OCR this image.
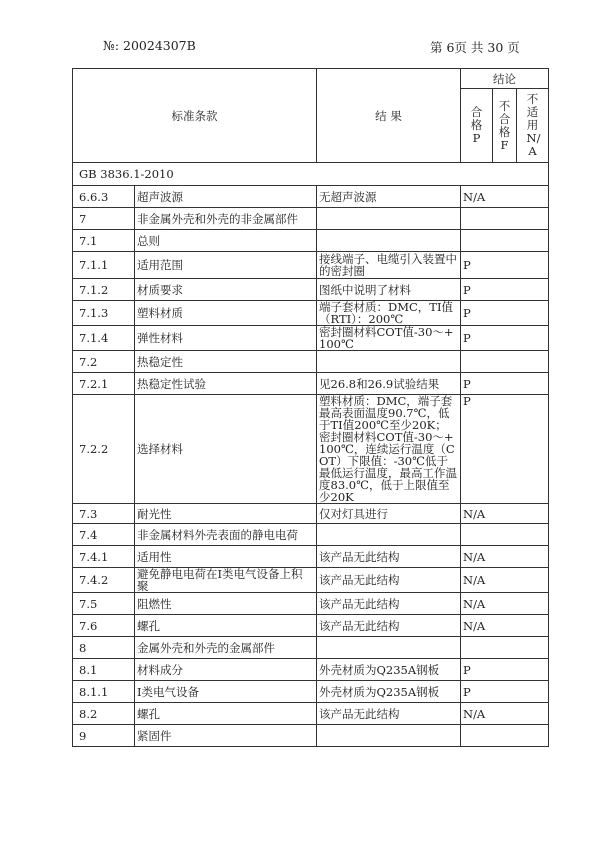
№: 20024307B	第 6页 共 30 页
标准条款		结 果	结论		

			合格P	不合格F	不适用N/A

GB 3836.1-2010					
6.6.3	超声波源	无超声波源	N/A		
7	非金属外壳和外壳的非金属部件				
7.1	总则				
7.1.1	适用范围	接线端子、电缆引入装置中的密封圈	P		
7.1.2	材质要求	图纸中说明了材料	P		
7.1.3	塑料材质	端子套材质：DMC，TI值（RTI）：200℃	P		
7.1.4	弹性材料	密封圈材料COT值-30～+100℃	P		
7.2	热稳定性				
7.2.1	热稳定性试验	见26.8和26.9试验结果	P		
7.2.2	选择材料	塑料材质：DMC，端子套最高表面温度90.7℃，低于TI值200℃至少20K；密封圈材料COT值-30～+100℃，连续运行温度（COT）下限值：-30℃低于最低运行温度，最高工作温度83.0℃，低于上限值至少20K	P		
7.3	耐光性	仅对灯具进行	N/A		
7.4	非金属材料外壳表面的静电电荷				
7.4.1	适用性	该产品无此结构	N/A		
7.4.2	避免静电电荷在Ⅰ类电气设备上积聚	该产品无此结构	N/A		
7.5	阻燃性	该产品无此结构	N/A		
7.6	螺孔	该产品无此结构	N/A		
8	金属外壳和外壳的金属部件				
8.1	材料成分	外壳材质为Q235A钢板	P		
8.1.1	Ⅰ类电气设备	外壳材质为Q235A钢板	P		
8.2	螺孔	该产品无此结构	N/A		
9	紧固件				
